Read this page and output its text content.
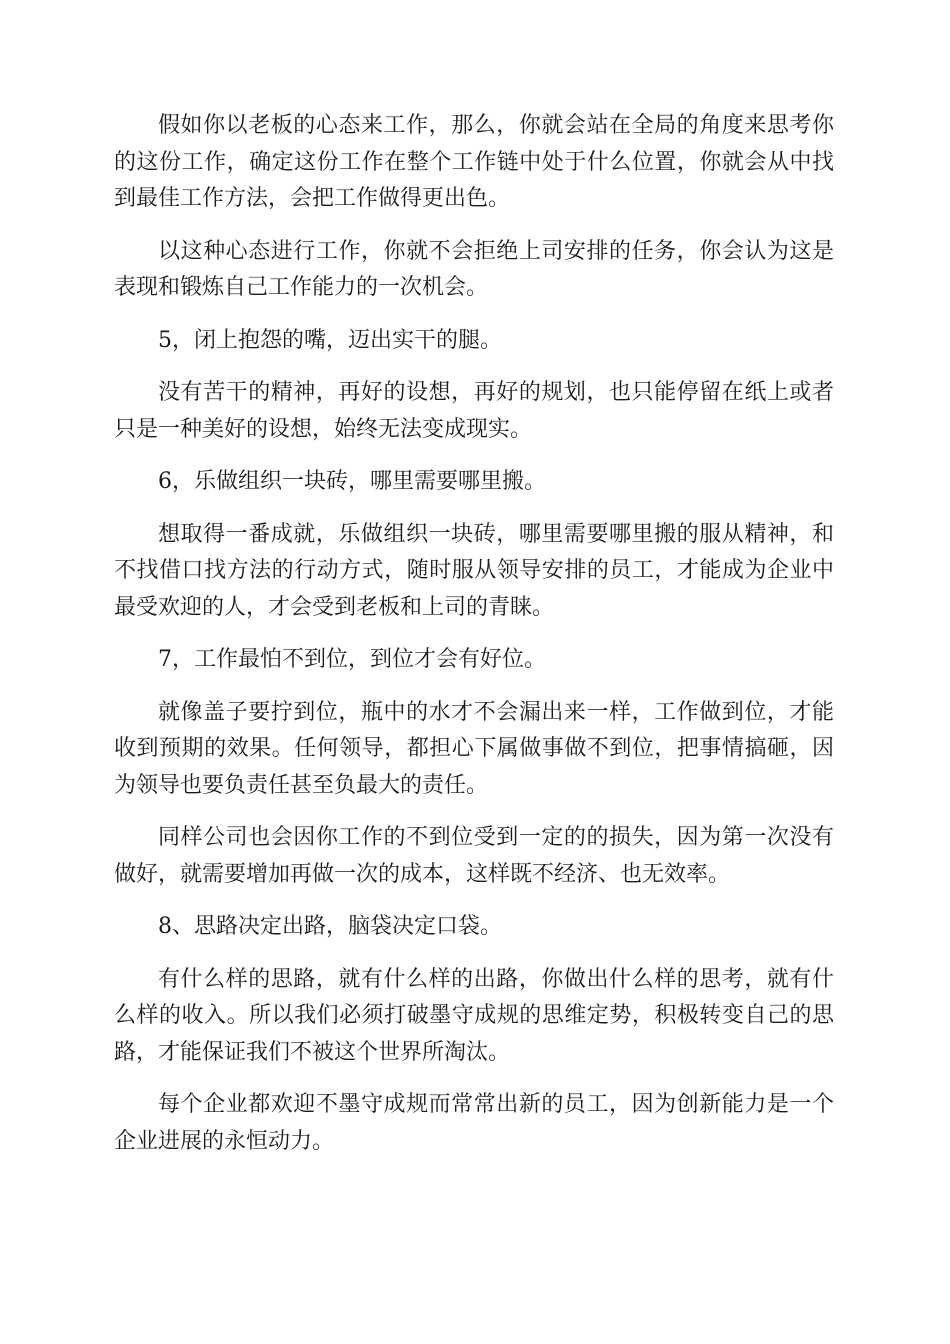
假如你以老板的心态来工作，那么，你就会站在全局的角度来思考你的这份工作，确定这份工作在整个工作链中处于什么位置，你就会从中找到最佳工作方法，会把工作做得更出色。

以这种心态进行工作，你就不会拒绝上司安排的任务，你会认为这是表现和锻炼自己工作能力的一次机会。

5，闭上抱怨的嘴，迈出实干的腿。

没有苦干的精神，再好的设想，再好的规划，也只能停留在纸上或者只是一种美好的设想，始终无法变成现实。

6，乐做组织一块砖，哪里需要哪里搬。

想取得一番成就，乐做组织一块砖，哪里需要哪里搬的服从精神，和不找借口找方法的行动方式，随时服从领导安排的员工，才能成为企业中最受欢迎的人，才会受到老板和上司的青睐。

7，工作最怕不到位，到位才会有好位。

就像盖子要拧到位，瓶中的水才不会漏出来一样，工作做到位，才能收到预期的效果。任何领导，都担心下属做事做不到位，把事情搞砸，因为领导也要负责任甚至负最大的责任。

同样公司也会因你工作的不到位受到一定的的损失，因为第一次没有做好，就需要增加再做一次的成本，这样既不经济、也无效率。

8、思路决定出路，脑袋决定口袋。

有什么样的思路，就有什么样的出路，你做出什么样的思考，就有什么样的收入。所以我们必须打破墨守成规的思维定势，积极转变自己的思路，才能保证我们不被这个世界所淘汰。

每个企业都欢迎不墨守成规而常常出新的员工，因为创新能力是一个企业进展的永恒动力。
